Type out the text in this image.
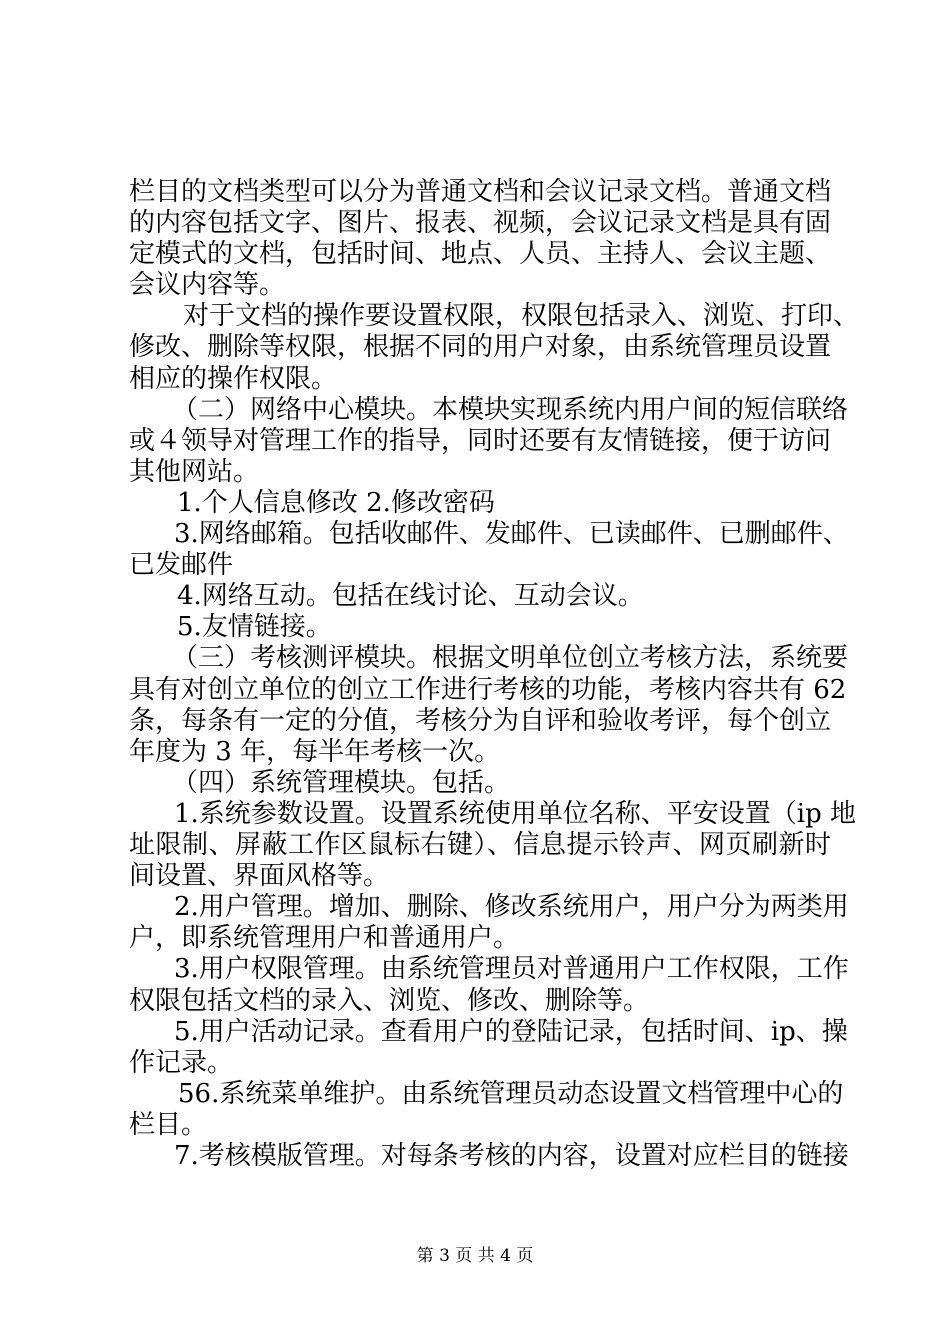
栏目的文档类型可以分为普通文档和会议记录文档。普通文档
的内容包括文字、图片、报表、视频，会议记录文档是具有固
定模式的文档，包括时间、地点、人员、主持人、会议主题、
会议内容等。
对于文档的操作要设置权限，权限包括录入、浏览、打印、
修改、删除等权限，根据不同的用户对象，由系统管理员设置
相应的操作权限。
（二）网络中心模块。本模块实现系统内用户间的短信联络
或４领导对管理工作的指导，同时还要有友情链接，便于访问
其他网站。
1.个人信息修改 2.修改密码
3.网络邮箱。包括收邮件、发邮件、已读邮件、已删邮件、
已发邮件
4.网络互动。包括在线讨论、互动会议。
5.友情链接。
（三）考核测评模块。根据文明单位创立考核方法，系统要
具有对创立单位的创立工作进行考核的功能，考核内容共有 62
条，每条有一定的分值，考核分为自评和验收考评，每个创立
年度为 3 年，每半年考核一次。
（四）系统管理模块。包括。
1.系统参数设置。设置系统使用单位名称、平安设置（ip 地
址限制、屏蔽工作区鼠标右键）、信息提示铃声、网页刷新时
间设置、界面风格等。
2.用户管理。增加、删除、修改系统用户，用户分为两类用
户，即系统管理用户和普通用户。
3.用户权限管理。由系统管理员对普通用户工作权限，工作
权限包括文档的录入、浏览、修改、删除等。
5.用户活动记录。查看用户的登陆记录，包括时间、ip、操
作记录。
56.系统菜单维护。由系统管理员动态设置文档管理中心的
栏目。
7.考核模版管理。对每条考核的内容，设置对应栏目的链接
第 3 页 共 4 页
